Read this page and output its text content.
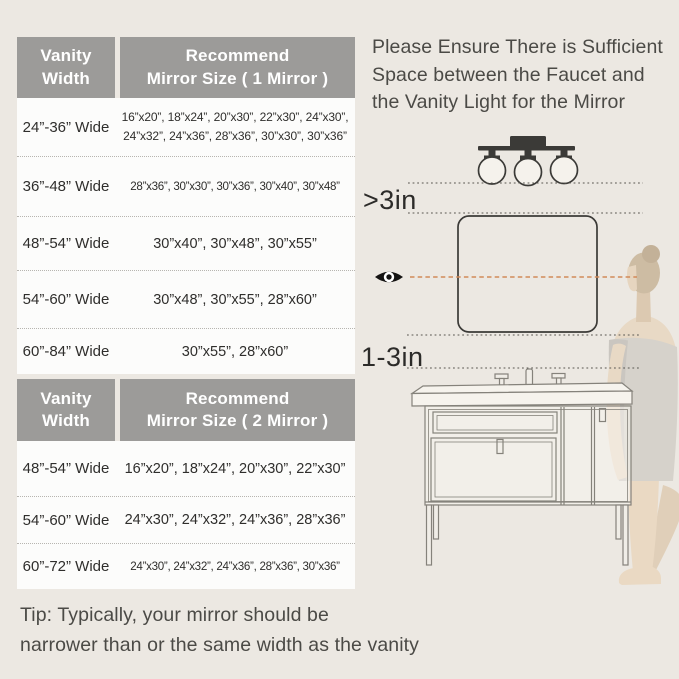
Vanity Width
Recommend
Mirror Size ( 1 Mirror )
24”-36” Wide
16”x20”, 18”x24”, 20”x30”, 22”x30”, 24”x30”,
24”x32”, 24”x36”, 28”x36”, 30”x30”, 30”x36”
36”-48” Wide	28”x36”, 30”x30”, 30”x36”, 30”x40”, 30”x48”
48”-54” Wide	30”x40”, 30”x48”, 30”x55”
54”-60” Wide	30”x48”, 30”x55”, 28”x60”
60”-84” Wide	30”x55”, 28”x60”
Vanity Width
Recommend
Mirror Size ( 2 Mirror )
48”-54” Wide	16”x20”, 18”x24”, 20”x30”, 22”x30”
54”-60” Wide	24”x30”, 24”x32”, 24”x36”, 28”x36”
60”-72” Wide	24”x30”, 24”x32”, 24”x36”, 28”x36”, 30”x36”
Please Ensure There is Sufficient
Space between the Faucet and
the Vanity Light for the Mirror
>3in
1-3in
Tip: Typically, your mirror should be
narrower than or the same width as the vanity
